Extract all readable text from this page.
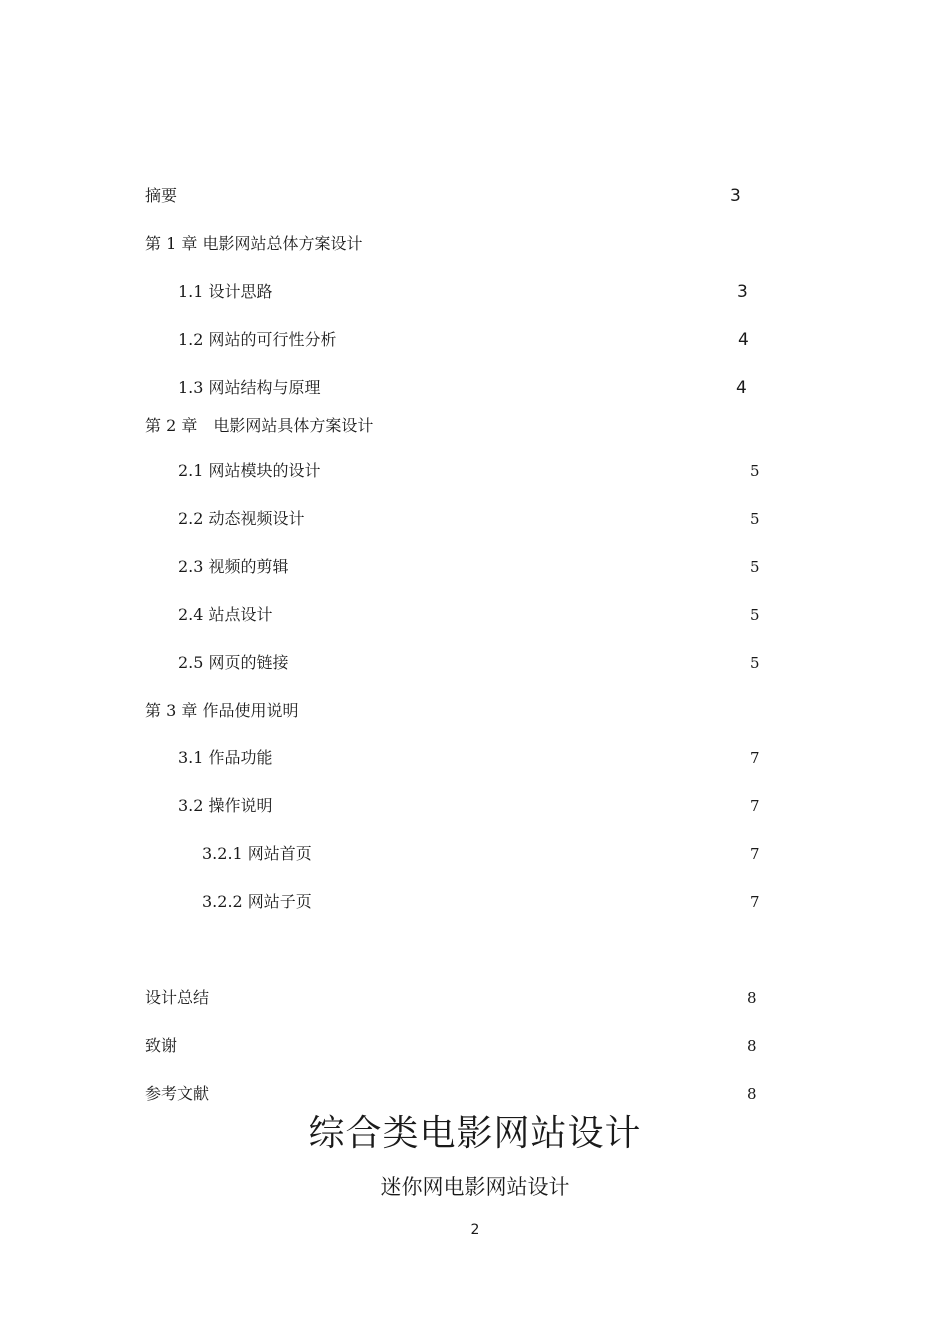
摘要	3
第 1 章 电影网站总体方案设计
1.1 设计思路	3
1.2 网站的可行性分析	4
1.3 网站结构与原理	4
第 2 章　电影网站具体方案设计
2.1 网站模块的设计	5
2.2 动态视频设计	5
2.3 视频的剪辑	5
2.4 站点设计	5
2.5 网页的链接	5
第 3 章 作品使用说明
3.1 作品功能	7
3.2 操作说明	7
3.2.1 网站首页	7
3.2.2 网站子页	7
设计总结	8
致谢	8
参考文献	8
综合类电影网站设计
迷你网电影网站设计
2
